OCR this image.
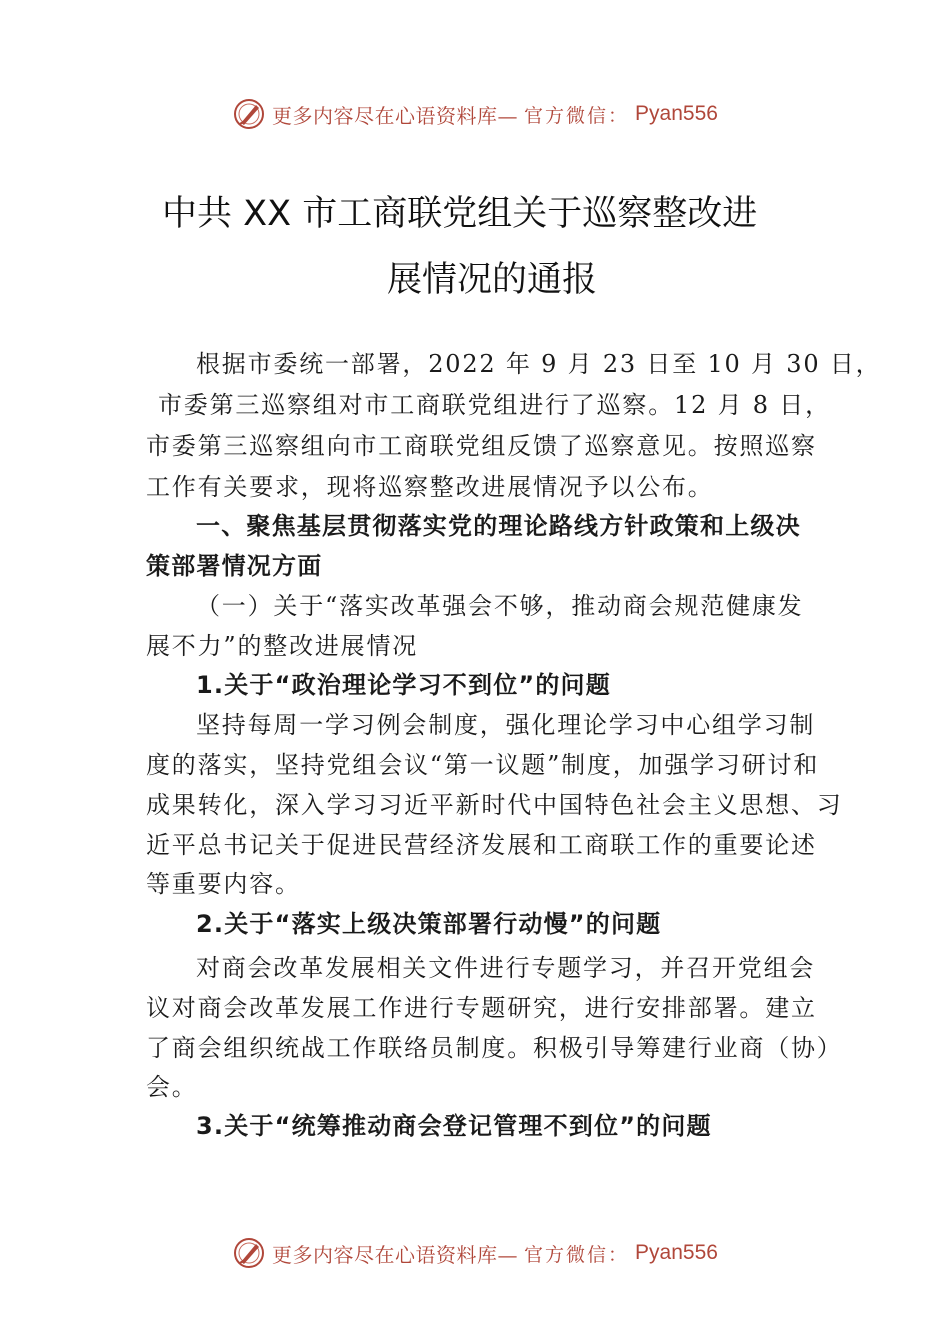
更多内容尽在心语资料库— 官方微信： Pyan556
中共 XX 市工商联党组关于巡察整改进
展情况的通报
根据市委统一部署，2022 年 9 月 23 日至 10 月 30 日，
市委第三巡察组对市工商联党组进行了巡察。12 月 8 日，
市委第三巡察组向市工商联党组反馈了巡察意见。按照巡察
工作有关要求，现将巡察整改进展情况予以公布。
一、聚焦基层贯彻落实党的理论路线方针政策和上级决
策部署情况方面
（一）关于“落实改革强会不够，推动商会规范健康发
展不力”的整改进展情况
1.关于“政治理论学习不到位”的问题
坚持每周一学习例会制度，强化理论学习中心组学习制
度的落实，坚持党组会议“第一议题”制度，加强学习研讨和
成果转化，深入学习习近平新时代中国特色社会主义思想、习
近平总书记关于促进民营经济发展和工商联工作的重要论述
等重要内容。
2.关于“落实上级决策部署行动慢”的问题
对商会改革发展相关文件进行专题学习，并召开党组会
议对商会改革发展工作进行专题研究，进行安排部署。建立
了商会组织统战工作联络员制度。积极引导筹建行业商（协）
会。
3.关于“统筹推动商会登记管理不到位”的问题
更多内容尽在心语资料库— 官方微信： Pyan556
